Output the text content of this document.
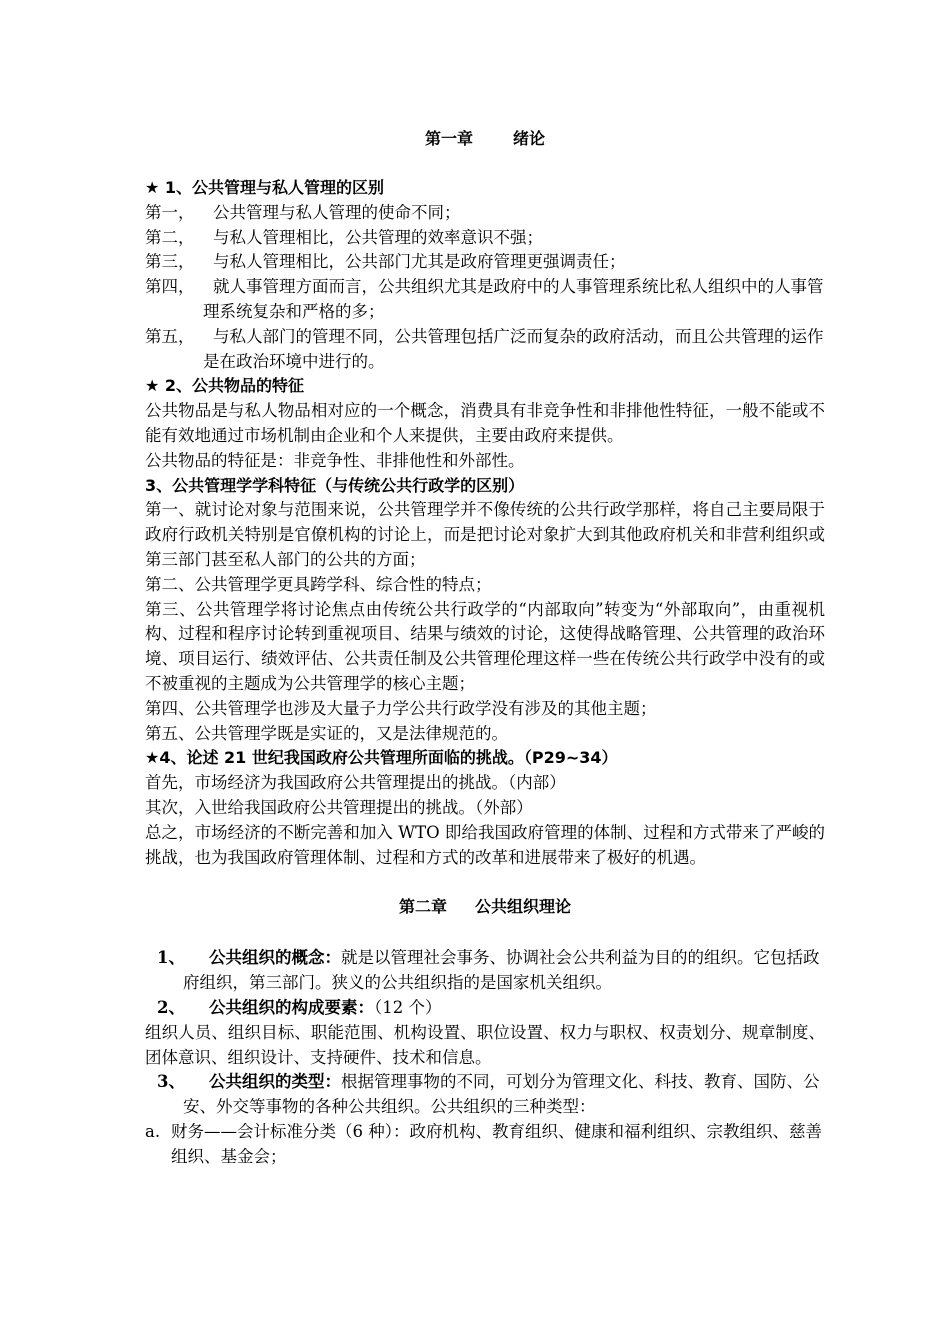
第一章	绪论
★ 1、公共管理与私人管理的区别
第一， 公共管理与私人管理的使命不同；
第二， 与私人管理相比，公共管理的效率意识不强；
第三， 与私人管理相比，公共部门尤其是政府管理更强调责任；
第四， 就人事管理方面而言，公共组织尤其是政府中的人事管理系统比私人组织中的人事管理系统复杂和严格的多；
第五， 与私人部门的管理不同，公共管理包括广泛而复杂的政府活动，而且公共管理的运作是在政治环境中进行的。
★ 2、公共物品的特征
公共物品是与私人物品相对应的一个概念，消费具有非竞争性和非排他性特征，一般不能或不能有效地通过市场机制由企业和个人来提供，主要由政府来提供。
公共物品的特征是：非竞争性、非排他性和外部性。
3、公共管理学学科特征（与传统公共行政学的区别）
第一、就讨论对象与范围来说，公共管理学并不像传统的公共行政学那样，将自己主要局限于政府行政机关特别是官僚机构的讨论上，而是把讨论对象扩大到其他政府机关和非营利组织或第三部门甚至私人部门的公共的方面；
第二、公共管理学更具跨学科、综合性的特点；
第三、公共管理学将讨论焦点由传统公共行政学的“内部取向”转变为“外部取向”，由重视机构、过程和程序讨论转到重视项目、结果与绩效的讨论，这使得战略管理、公共管理的政治环境、项目运行、绩效评估、公共责任制及公共管理伦理这样一些在传统公共行政学中没有的或不被重视的主题成为公共管理学的核心主题；
第四、公共管理学也涉及大量子力学公共行政学没有涉及的其他主题；
第五、公共管理学既是实证的，又是法律规范的。
★4、论述 21 世纪我国政府公共管理所面临的挑战。（P29~34）
首先，市场经济为我国政府公共管理提出的挑战。（内部）
其次，入世给我国政府公共管理提出的挑战。（外部）
总之，市场经济的不断完善和加入 WTO 即给我国政府管理的体制、过程和方式带来了严峻的挑战，也为我国政府管理体制、过程和方式的改革和进展带来了极好的机遇。
第二章 公共组织理论
1、 公共组织的概念：就是以管理社会事务、协调社会公共利益为目的的组织。它包括政府组织，第三部门。狭义的公共组织指的是国家机关组织。
2、 公共组织的构成要素：（12 个）
组织人员、组织目标、职能范围、机构设置、职位设置、权力与职权、权责划分、规章制度、团体意识、组织设计、支持硬件、技术和信息。
3、 公共组织的类型：根据管理事物的不同，可划分为管理文化、科技、教育、国防、公安、外交等事物的各种公共组织。公共组织的三种类型：
a. 财务——会计标准分类（6 种）：政府机构、教育组织、健康和福利组织、宗教组织、慈善组织、基金会；
